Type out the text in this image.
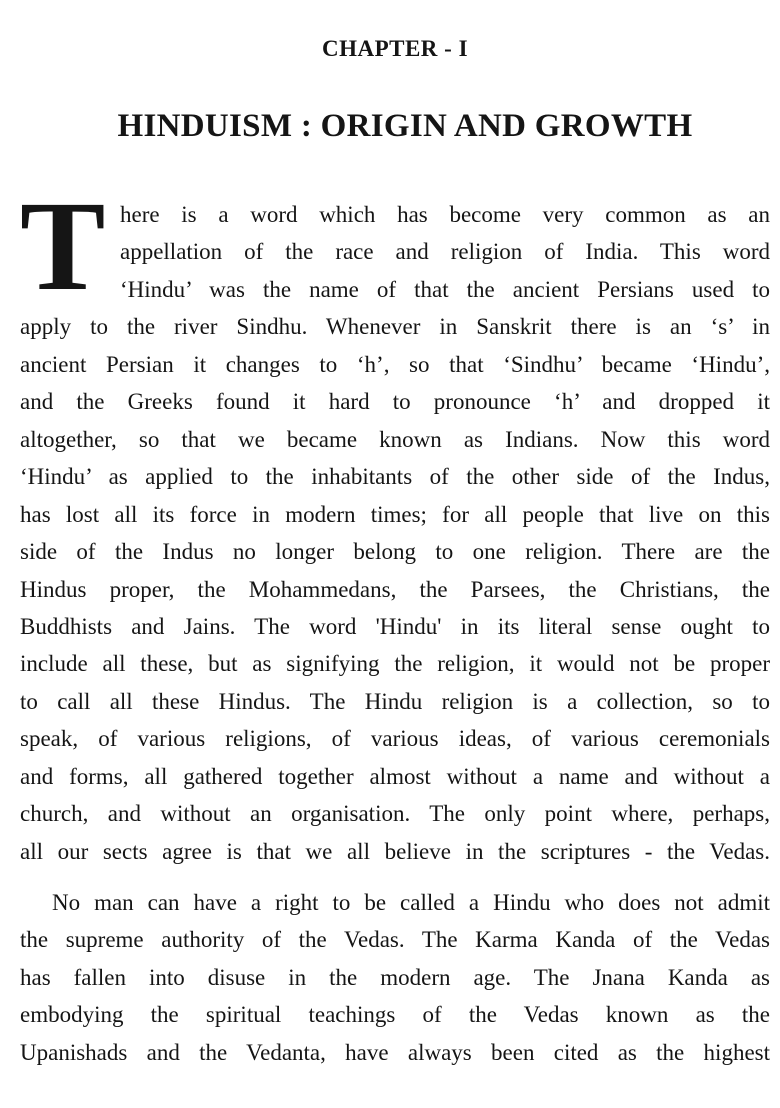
CHAPTER - I
HINDUISM : ORIGIN AND GROWTH
T here is a word which has become very common as an
appellation of the race and religion of India. This word
‘Hindu’ was the name of that the ancient Persians used to
apply to the river Sindhu. Whenever in Sanskrit there is an ‘s’ in
ancient Persian it changes to ‘h’, so that ‘Sindhu’ became ‘Hindu’,
and the Greeks found it hard to pronounce ‘h’ and dropped it
altogether, so that we became known as Indians. Now this word
‘Hindu’ as applied to the inhabitants of the other side of the Indus,
has lost all its force in modern times; for all people that live on this
side of the Indus no longer belong to one religion. There are the
Hindus proper, the Mohammedans, the Parsees, the Christians, the
Buddhists and Jains. The word 'Hindu' in its literal sense ought to
include all these, but as signifying the religion, it would not be proper
to call all these Hindus. The Hindu religion is a collection, so to
speak, of various religions, of various ideas, of various ceremonials
and forms, all gathered together almost without a name and without a
church, and without an organisation. The only point where, perhaps,
all our sects agree is that we all believe in the scriptures - the Vedas.
No man can have a right to be called a Hindu who does not admit
the supreme authority of the Vedas. The Karma Kanda of the Vedas
has fallen into disuse in the modern age. The Jnana Kanda as
embodying the spiritual teachings of the Vedas known as the
Upanishads and the Vedanta, have always been cited as the highest
